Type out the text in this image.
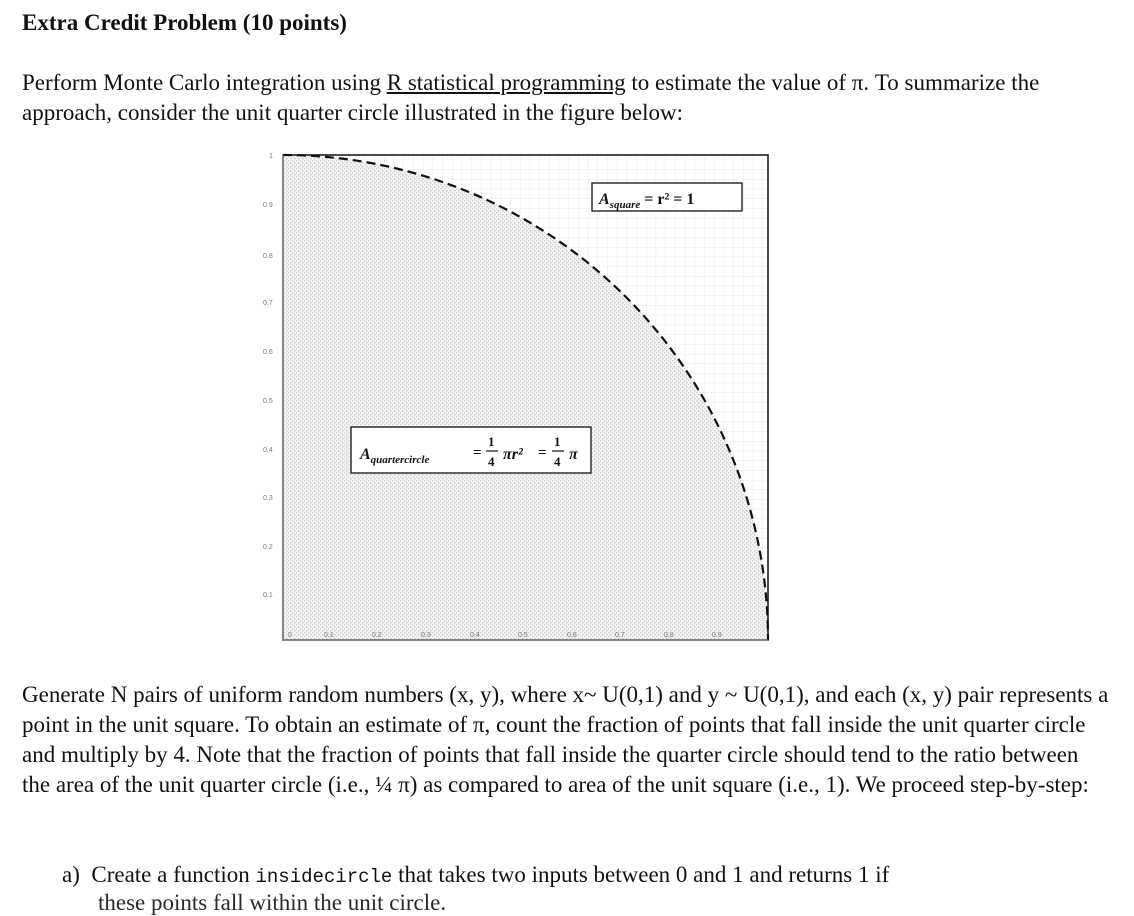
Extra Credit Problem (10 points)

Perform Monte Carlo integration using R statistical programming to estimate the value of π. To summarize the approach, consider the unit quarter circle illustrated in the figure below:

1
0.9
0.8
0.7
0.6
0.5
0.4
0.3
0.2
0.1
0	0.1	0.2	0.3	0.4	0.5	0.6	0.7	0.8	0.9
$A_{square} = r^2 = 1$
$A_{quartercircle}$	=
1
4 πr² =
1
4 π

Generate N pairs of uniform random numbers (x, y), where x~ U(0,1) and y ~ U(0,1), and each (x, y) pair represents a point in the unit square. To obtain an estimate of π, count the fraction of points that fall inside the unit quarter circle and multiply by 4. Note that the fraction of points that fall inside the quarter circle should tend to the ratio between the area of the unit quarter circle (i.e., ¼ π) as compared to area of the unit square (i.e., 1). We proceed step-by-step:

a) Create a function insidecircle that takes two inputs between 0 and 1 and returns 1 if
these points fall within the unit circle.
